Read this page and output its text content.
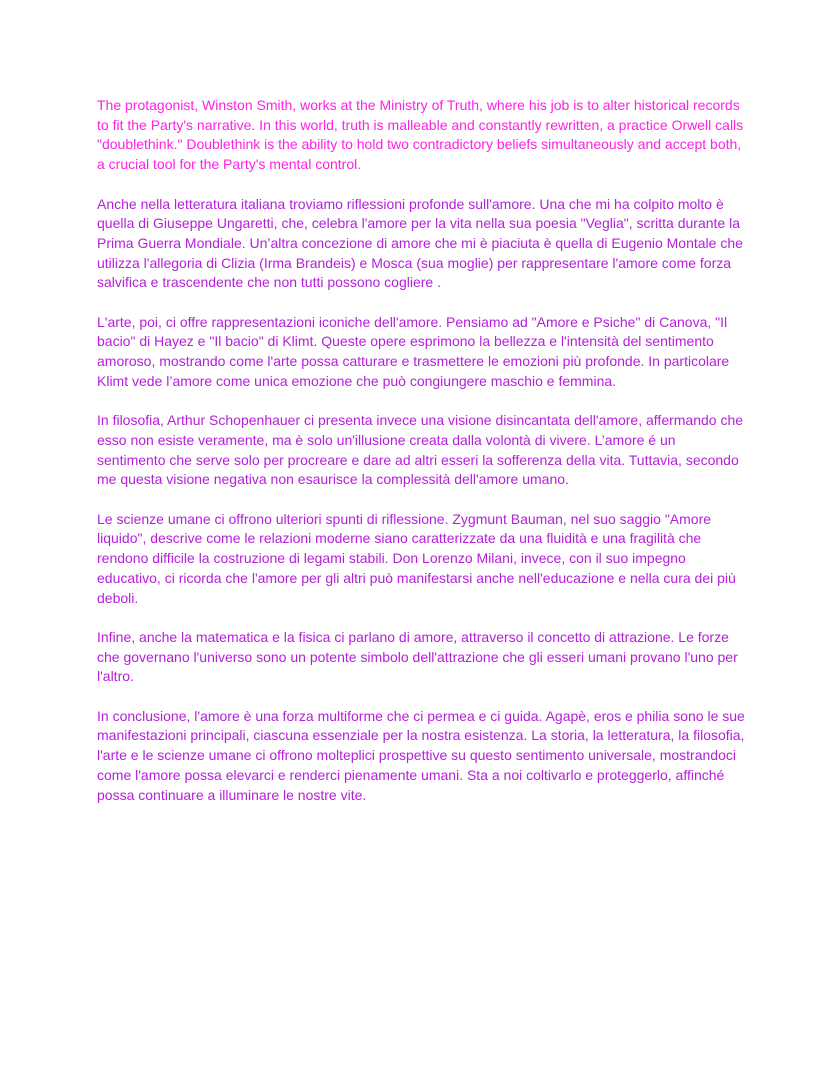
The protagonist, Winston Smith, works at the Ministry of Truth, where his job is to alter historical records to fit the Party's narrative. In this world, truth is malleable and constantly rewritten, a practice Orwell calls "doublethink." Doublethink is the ability to hold two contradictory beliefs simultaneously and accept both, a crucial tool for the Party's mental control.

Anche nella letteratura italiana troviamo riflessioni profonde sull'amore. Una che mi ha colpito molto è quella di Giuseppe Ungaretti, che, celebra l'amore per la vita nella sua poesia "Veglia", scritta durante la Prima Guerra Mondiale. Un’altra concezione di amore che mi è piaciuta è quella di Eugenio Montale che utilizza l'allegoria di Clizia (Irma Brandeis) e Mosca (sua moglie) per rappresentare l'amore come forza salvifica e trascendente che non tutti possono cogliere .

L'arte, poi, ci offre rappresentazioni iconiche dell'amore. Pensiamo ad "Amore e Psiche" di Canova, "Il bacio" di Hayez e "Il bacio" di Klimt. Queste opere esprimono la bellezza e l'intensità del sentimento amoroso, mostrando come l'arte possa catturare e trasmettere le emozioni più profonde. In particolare Klimt vede l’amore come unica emozione che può congiungere maschio e femmina.

In filosofia, Arthur Schopenhauer ci presenta invece una visione disincantata dell'amore, affermando che esso non esiste veramente, ma è solo un'illusione creata dalla volontà di vivere. L’amore é un sentimento che serve solo per procreare e dare ad altri esseri la sofferenza della vita. Tuttavia, secondo me questa visione negativa non esaurisce la complessità dell'amore umano.

Le scienze umane ci offrono ulteriori spunti di riflessione. Zygmunt Bauman, nel suo saggio "Amore liquido", descrive come le relazioni moderne siano caratterizzate da una fluidità e una fragilità che rendono difficile la costruzione di legami stabili. Don Lorenzo Milani, invece, con il suo impegno educativo, ci ricorda che l'amore per gli altri può manifestarsi anche nell'educazione e nella cura dei più deboli.

Infine, anche la matematica e la fisica ci parlano di amore, attraverso il concetto di attrazione. Le forze che governano l'universo sono un potente simbolo dell'attrazione che gli esseri umani provano l'uno per l'altro.

In conclusione, l'amore è una forza multiforme che ci permea e ci guida. Agapè, eros e philia sono le sue manifestazioni principali, ciascuna essenziale per la nostra esistenza. La storia, la letteratura, la filosofia, l'arte e le scienze umane ci offrono molteplici prospettive su questo sentimento universale, mostrandoci come l'amore possa elevarci e renderci pienamente umani. Sta a noi coltivarlo e proteggerlo, affinché possa continuare a illuminare le nostre vite.
